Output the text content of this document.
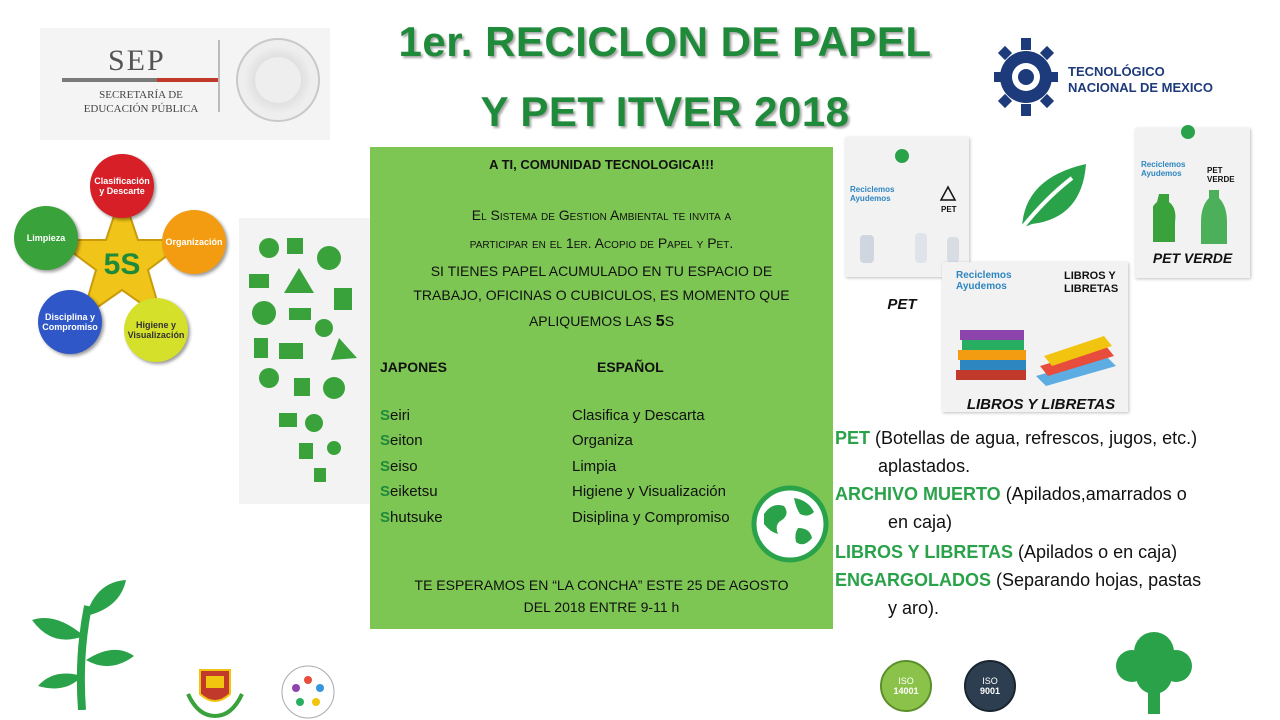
1er. RECICLON DE PAPEL
Y PET ITVER 2018
SEP
SECRETARÍA DE
EDUCACIÓN PÚBLICA
TECNOLÓGICO
NACIONAL DE MEXICO
5S
Clasificación y Descarte
Organización
Higiene y Visualización
Disciplina y Compromiso
Limpieza
A TI, COMUNIDAD TECNOLOGICA!!!
El Sistema de Gestion Ambiental te invita a
participar en el 1er. Acopio de Papel y Pet.
SI TIENES PAPEL ACUMULADO EN TU ESPACIO DE
TRABAJO, OFICINAS O CUBICULOS, ES MOMENTO QUE
APLIQUEMOS LAS 5S
JAPONES	ESPAÑOL
Seiri
Seiton
Seiso
Seiketsu
Shutsuke
Clasifica y Descarta
Organiza
Limpia
Higiene y Visualización
Disiplina y Compromiso
TE ESPERAMOS EN “LA CONCHA” ESTE 25 DE AGOSTO
DEL 2018 ENTRE 9-11 h
Reciclemos
Ayudemos
PET
PET
Reciclemos
Ayudemos	PET VERDE
PET VERDE
Reciclemos
Ayudemos
LIBROS Y
LIBRETAS
LIBROS Y LIBRETAS
PET (Botellas de agua, refrescos, jugos, etc.)
aplastados.
ARCHIVO MUERTO (Apilados,amarrados o
en caja)
LIBROS Y LIBRETAS (Apilados o en caja)
ENGARGOLADOS (Separando hojas, pastas
y aro).
ISO
14001
ISO
9001
